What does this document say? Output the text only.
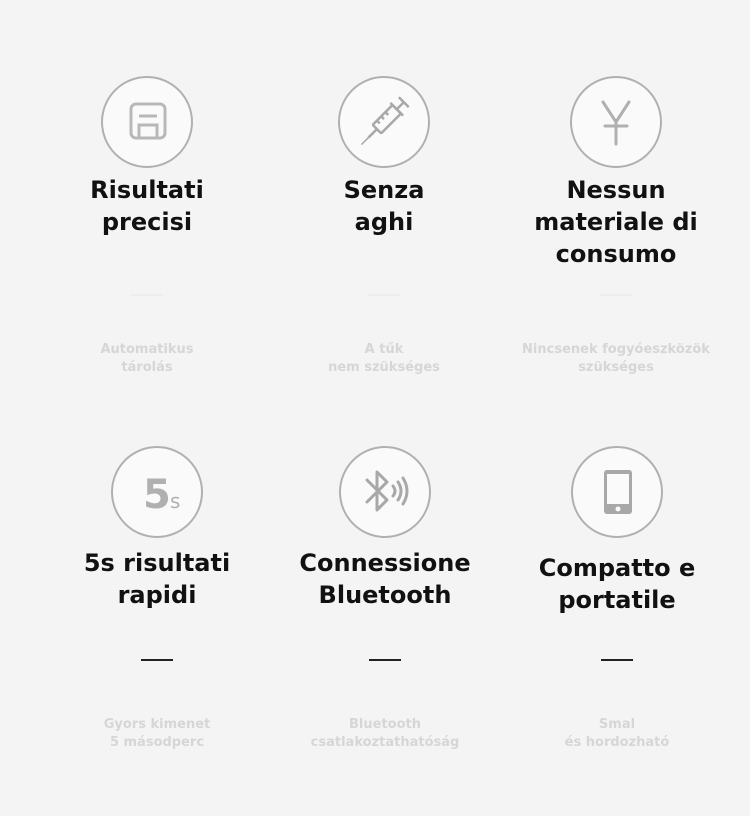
Risultati
precisi
Automatikus
tárolás
Senza
aghi
A tűk
nem szükséges
Nessun
materiale di
consumo
Nincsenek fogyóeszközök
szükséges
5 s
5s risultati
rapidi
Gyors kimenet
5 másodperc
Connessione
Bluetooth
Bluetooth
csatlakoztathatóság
Compatto e
portatile
Smal
és hordozható
